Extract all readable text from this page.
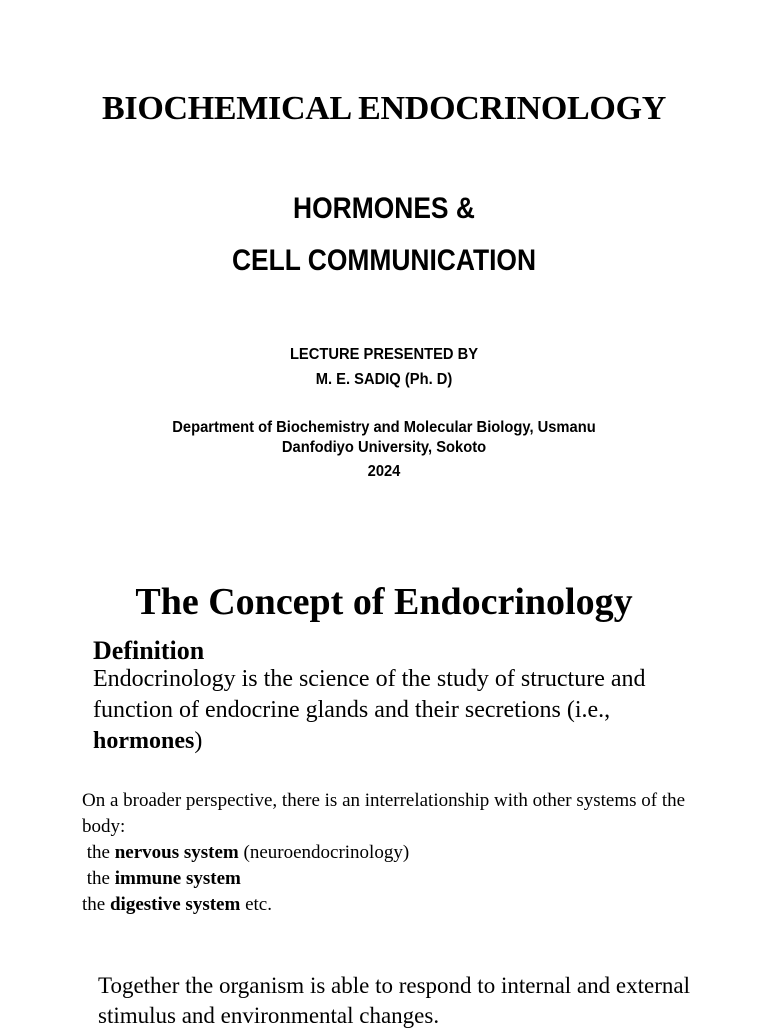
BIOCHEMICAL ENDOCRINOLOGY
HORMONES &
CELL COMMUNICATION
LECTURE PRESENTED BY
M. E. SADIQ (Ph. D)
Department of Biochemistry and Molecular Biology, Usmanu
Danfodiyo University, Sokoto
2024
The Concept of Endocrinology
Definition
Endocrinology is the science of the study of structure and function of endocrine glands and their secretions (i.e., hormones)
On a broader perspective, there is an interrelationship with other systems of the body:
the nervous system (neuroendocrinology)
the immune system
the digestive system etc.
Together the organism is able to respond to internal and external stimulus and environmental changes.
